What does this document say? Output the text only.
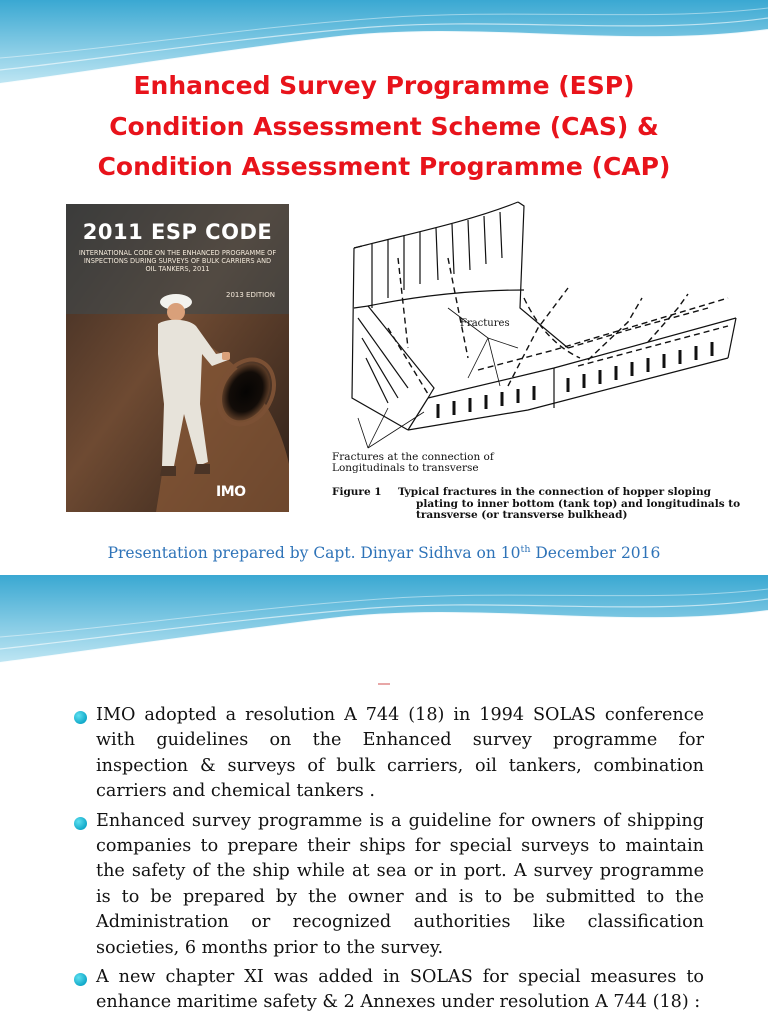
Enhanced Survey Programme (ESP)
Condition Assessment Scheme (CAS) &
Condition Assessment Programme (CAP)
2011 ESP CODE
INTERNATIONAL CODE ON THE ENHANCED PROGRAMME OF INSPECTIONS DURING SURVEYS OF BULK CARRIERS AND OIL TANKERS, 2011
2013 EDITION
IMO
Fractures
Fractures at the connection of
Longitudinals to transverse
Figure 1 Typical fractures in the connection of hopper sloping
plating to inner bottom (tank top) and longitudinals to
transverse (or transverse bulkhead)
Presentation prepared by Capt. Dinyar Sidhva on 10th December 2016
IMO adopted a resolution A 744 (18) in 1994 SOLAS conference
with guidelines on the Enhanced survey programme for
inspection & surveys of bulk carriers, oil tankers, combination
carriers and chemical tankers .
Enhanced survey programme is a guideline for owners of shipping
companies to prepare their ships for special surveys to maintain
the safety of the ship while at sea or in port. A survey programme
is to be prepared by the owner and is to be submitted to the
Administration or recognized authorities like classification
societies, 6 months prior to the survey.
A new chapter XI was added in SOLAS for special measures to
enhance maritime safety & 2 Annexes under resolution A 744 (18) :
